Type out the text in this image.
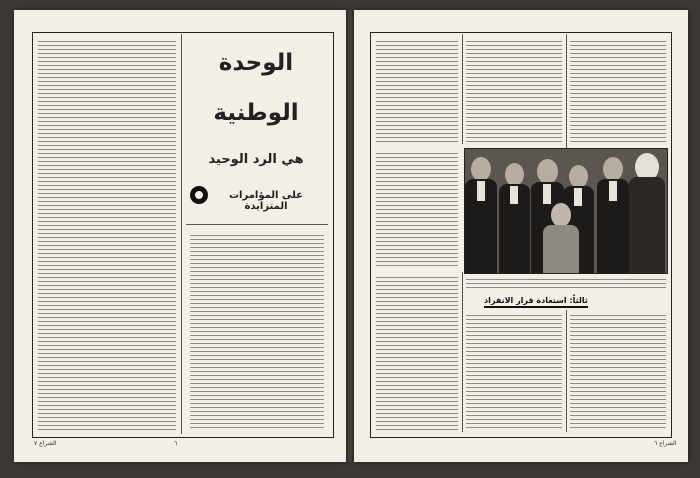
الوحدة
الوطنية
هي الرد الوحيد
على المؤامرات المتزايدة
الشراع ٧	٦
ثالثاً: استعادة قرار الانفراد
الشراع ٦
